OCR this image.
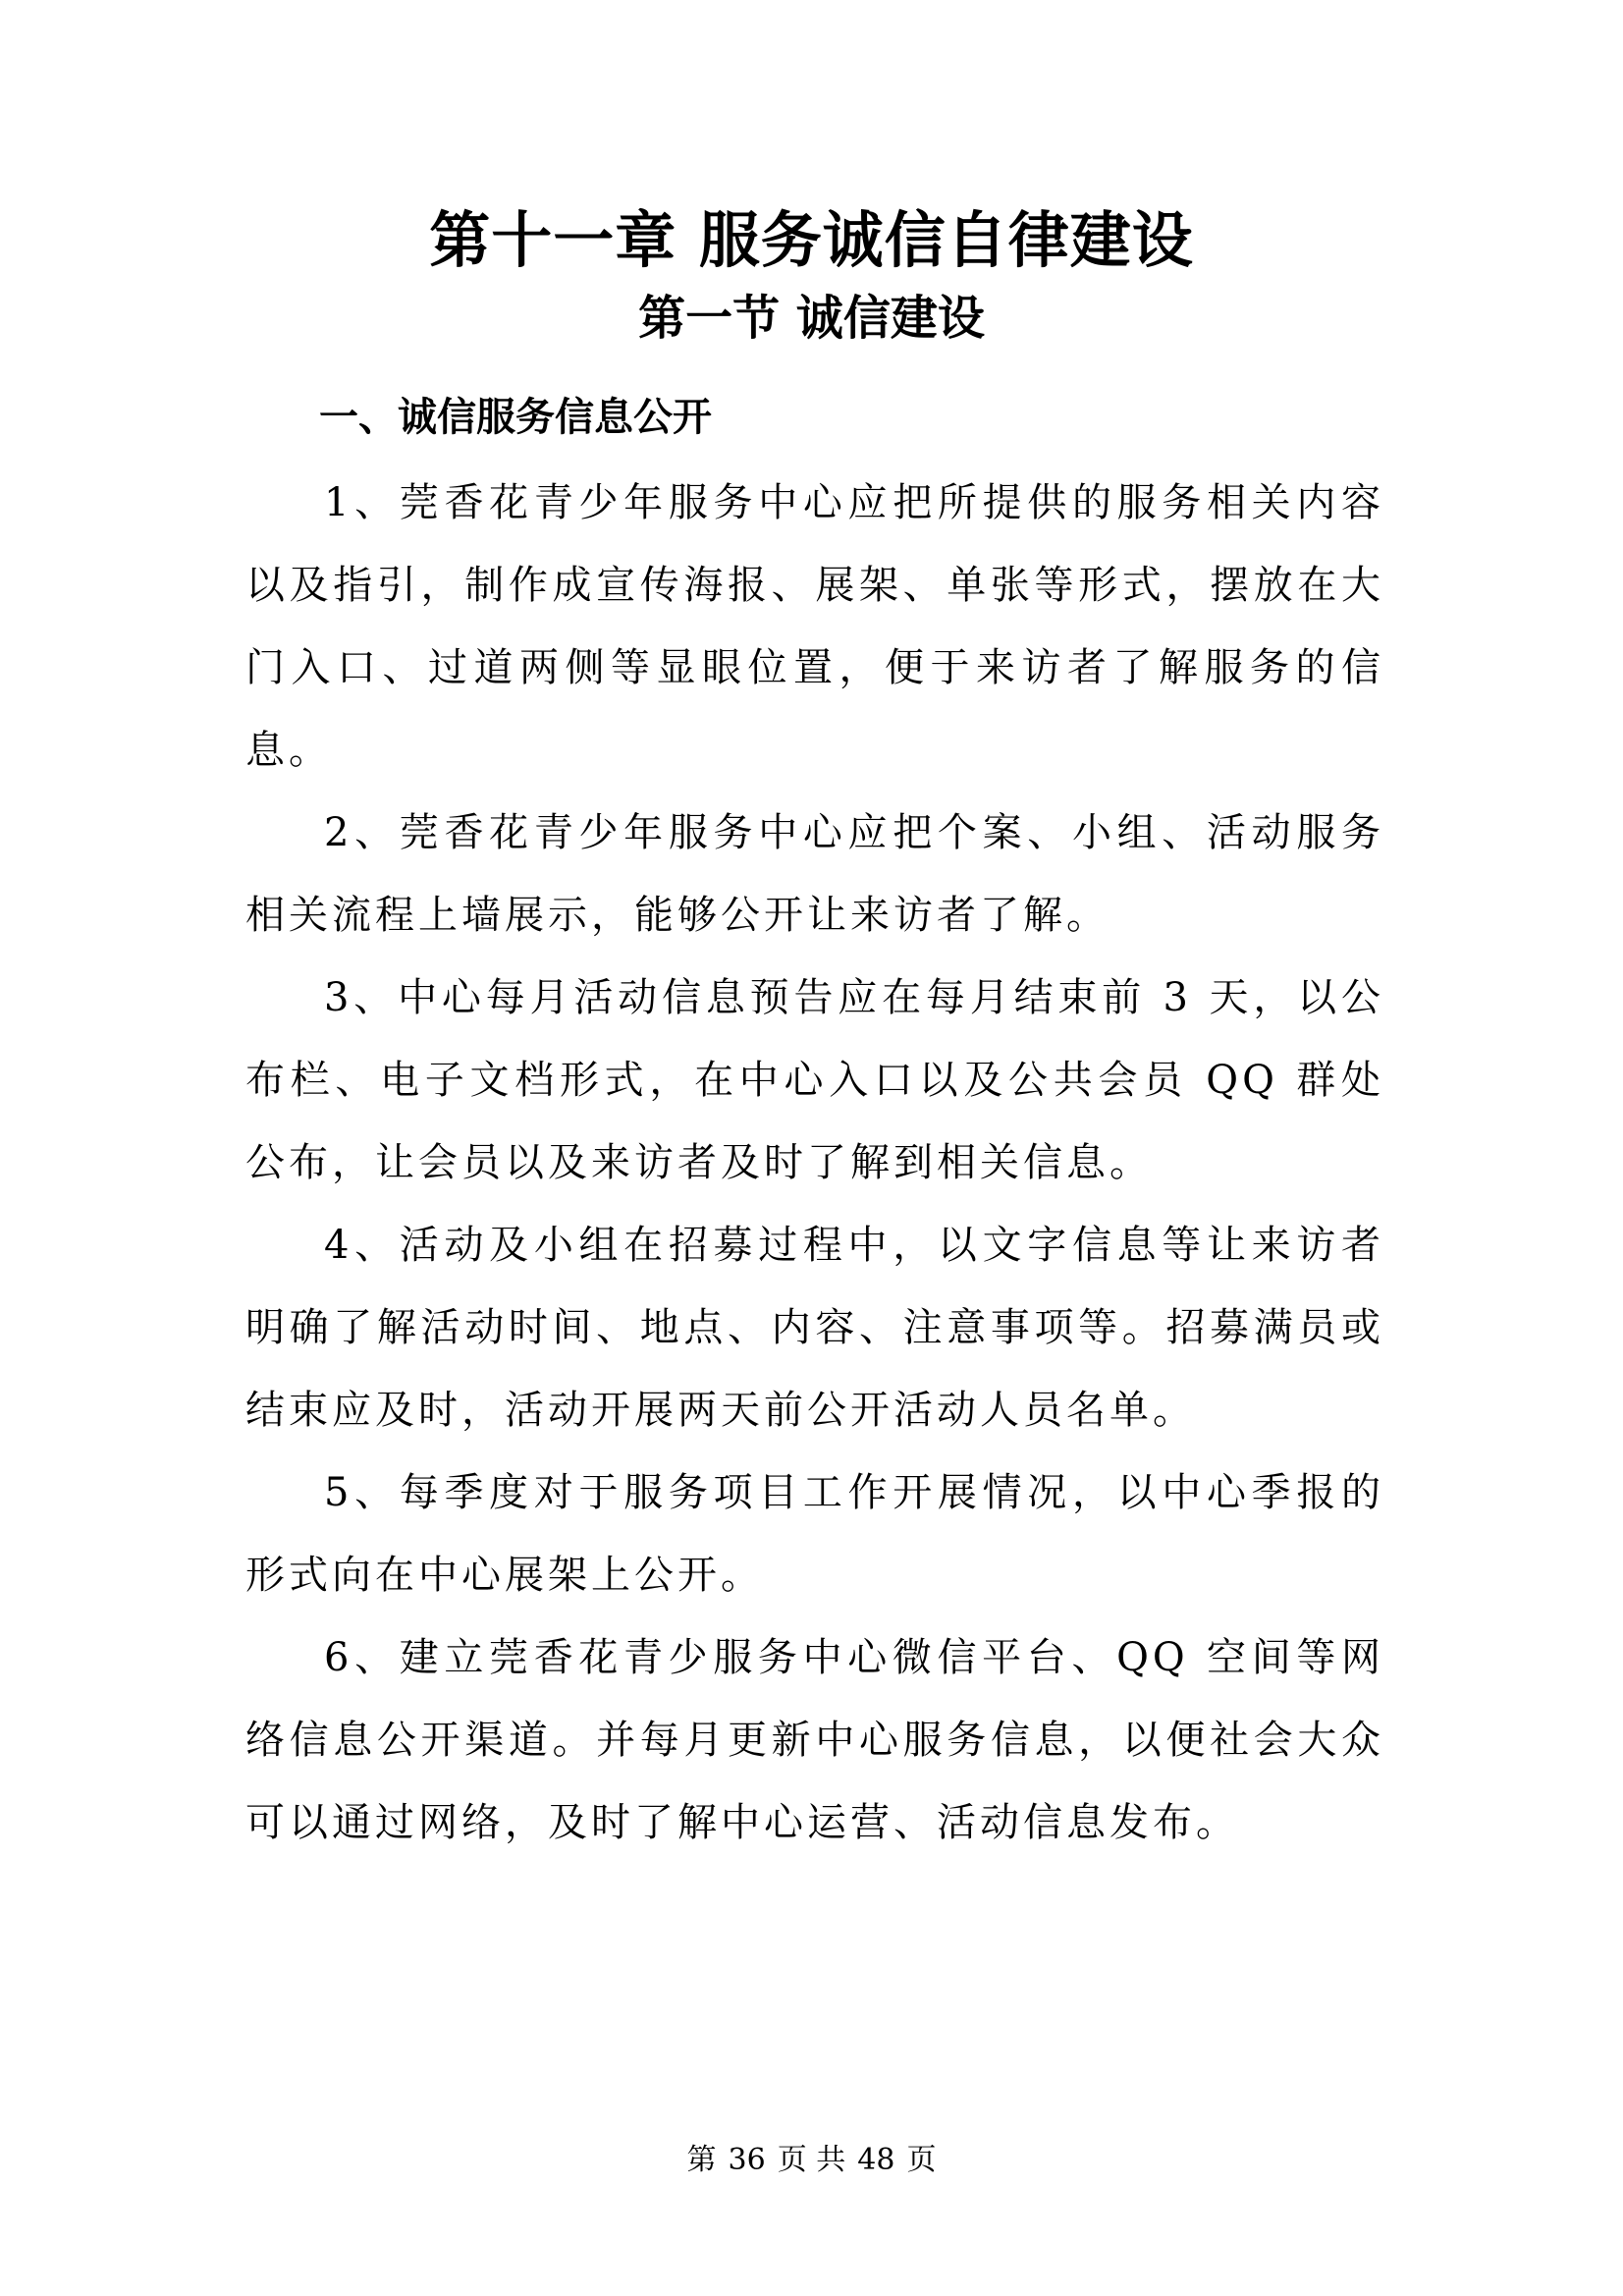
第十一章 服务诚信自律建设
第一节 诚信建设
一、诚信服务信息公开

1、莞香花青少年服务中心应把所提供的服务相关内容以及指引，制作成宣传海报、展架、单张等形式，摆放在大门入口、过道两侧等显眼位置，便于来访者了解服务的信息。

2、莞香花青少年服务中心应把个案、小组、活动服务相关流程上墙展示，能够公开让来访者了解。

3、中心每月活动信息预告应在每月结束前 3 天，以公布栏、电子文档形式，在中心入口以及公共会员 QQ 群处公布，让会员以及来访者及时了解到相关信息。

4、活动及小组在招募过程中，以文字信息等让来访者明确了解活动时间、地点、内容、注意事项等。招募满员或结束应及时，活动开展两天前公开活动人员名单。

5、每季度对于服务项目工作开展情况，以中心季报的形式向在中心展架上公开。

6、建立莞香花青少服务中心微信平台、QQ 空间等网络信息公开渠道。并每月更新中心服务信息，以便社会大众可以通过网络，及时了解中心运营、活动信息发布。

第 36 页 共 48 页
